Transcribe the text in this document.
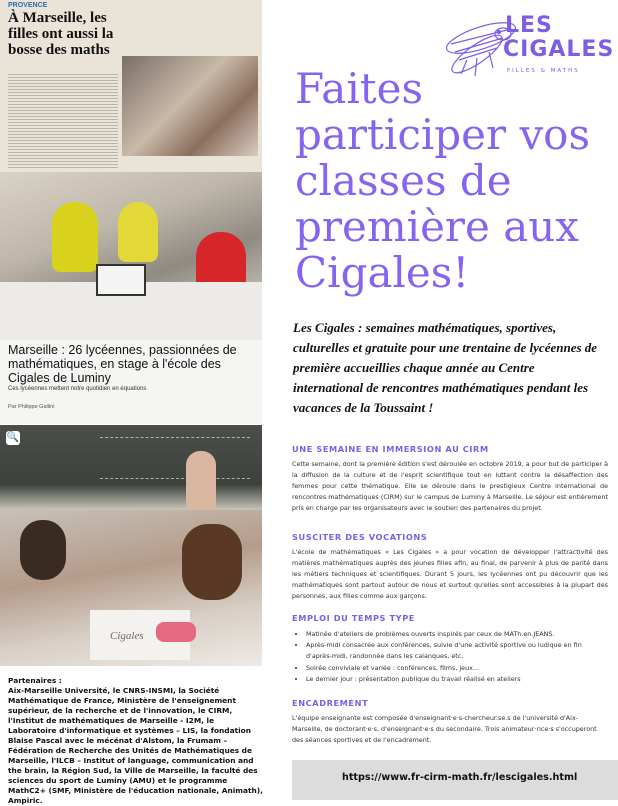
PROVENCE
À Marseille, les filles ont aussi la bosse des maths
Marseille : 26 lycéennes, passionnées de mathématiques, en stage à l'école des Cigales de Luminy
Ces lycéennes mettent notre quotidien en équations
Par Philippe Gallini
🔍
Cigales
Partenaires :
Aix-Marseille Université, le CNRS-INSMI, la Société Mathématique de France, Ministère de l'enseignement supérieur, de la recherche et de l'innovation, le CIRM, l'Institut de mathématiques de Marseille - I2M, le Laboratoire d'informatique et systèmes – LIS, la fondation Blaise Pascal avec le mécénat d'Alstom, la Frumam – Fédération de Recherche des Unités de Mathématiques de Marseille, l'ILCB – Institut of language, communication and the brain, la Région Sud, la Ville de Marseille, la faculté des sciences du sport de Luminy (AMU) et le programme MathC2+ (SMF, Ministère de l'éducation nationale, Animath), Ampiric.
LES
CIGALES
FILLES & MATHS
Faites participer vos classes de première aux Cigales!
Les Cigales : semaines mathématiques, sportives, culturelles et gratuite pour une trentaine de lycéennes de première accueillies chaque année au Centre international de rencontres mathématiques pendant les vacances de la Toussaint !
UNE SEMAINE EN IMMERSION AU CIRM

Cette semaine, dont la première édition s'est déroulée en octobre 2019, a pour but de participer à la diffusion de la culture et de l'esprit scientifique tout en luttant contre la désaffection des femmes pour cette thématique. Elle se déroule dans le prestigieux Centre international de rencontres mathématiques (CIRM) sur le campus de Luminy à Marseille. Le séjour est entièrement pris en charge par les organisateurs avec le soutien des partenaires du projet.

SUSCITER DES VOCATIONS

L'école de mathématiques « Les Cigales » a pour vocation de développer l'attractivité des matières mathématiques auprès des jeunes filles afin, au final, de parvenir à plus de parité dans les métiers techniques et scientifiques. Durant 5 jours, les lycéennes ont pu découvrir que les mathématiques sont partout autour de nous et surtout qu'elles sont accessibles à la plupart des personnes, aux filles comme aux garçons.

EMPLOI DU TEMPS TYPE
• Matinée d'ateliers de problèmes ouverts inspirés par ceux de MATh.en.JEANS.
• Après-midi consacrée aux conférences, suivie d'une activité sportive ou ludique en fin d'après-midi, randonnée dans les calanques, etc.
• Soirée conviviale et variée : conférences, films, jeux...
• Le dernier jour : présentation publique du travail réalisé en ateliers
ENCADREMENT

L'équipe enseignante est composée d'enseignant·e·s-chercheur.se.s de l'université d'Aix-Marseille, de doctorant·e·s, d'enseignant·e·s du secondaire. Trois animateur·rice·s s'occuperont des séances sportives et de l'encadrement.

https://www.fr-cirm-math.fr/lescigales.html
